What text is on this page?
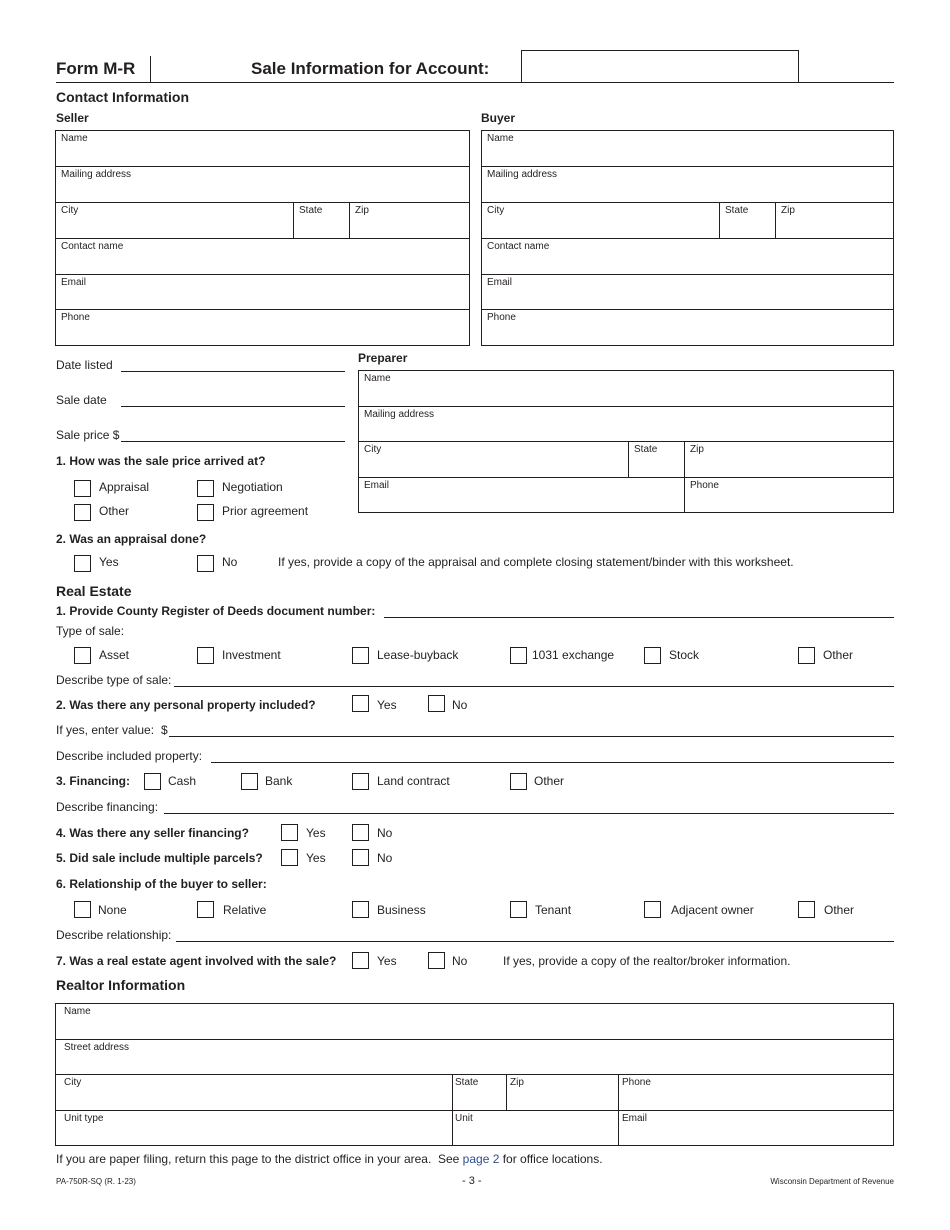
Form M-R	Sale Information for Account:
Contact Information
Seller
Name
Mailing address
City	State	Zip
Contact name
Email
Phone
Buyer
Name
Mailing address
City	State	Zip
Contact name
Email
Phone
Date listed
Sale date
Sale price $
1. How was the sale price arrived at?
Appraisal	Negotiation
Other	Prior agreement
Preparer
Name
Mailing address
City	State	Zip
Email	Phone
2. Was an appraisal done?
Yes	No	If yes, provide a copy of the appraisal and complete closing statement/binder with this worksheet.
Real Estate
1. Provide County Register of Deeds document number:
Type of sale:
Asset	Investment	Lease-buyback	1031 exchange	Stock	Other
Describe type of sale:
2. Was there any personal property included?	Yes	No
If yes, enter value: $
Describe included property:
3. Financing:	Cash	Bank	Land contract	Other
Describe financing:
4. Was there any seller financing?	Yes	No
5. Did sale include multiple parcels?	Yes	No
6. Relationship of the buyer to seller:
None	Relative	Business	Tenant	Adjacent owner	Other
Describe relationship:
7. Was a real estate agent involved with the sale?	Yes	No	If yes, provide a copy of the realtor/broker information.
Realtor Information
Name
Street address
City	State	Zip	Phone
Unit type	Unit	Email
If you are paper filing, return this page to the district office in your area.  See page 2 for office locations.
PA-750R-SQ (R. 1-23)	- 3 -	Wisconsin Department of Revenue
